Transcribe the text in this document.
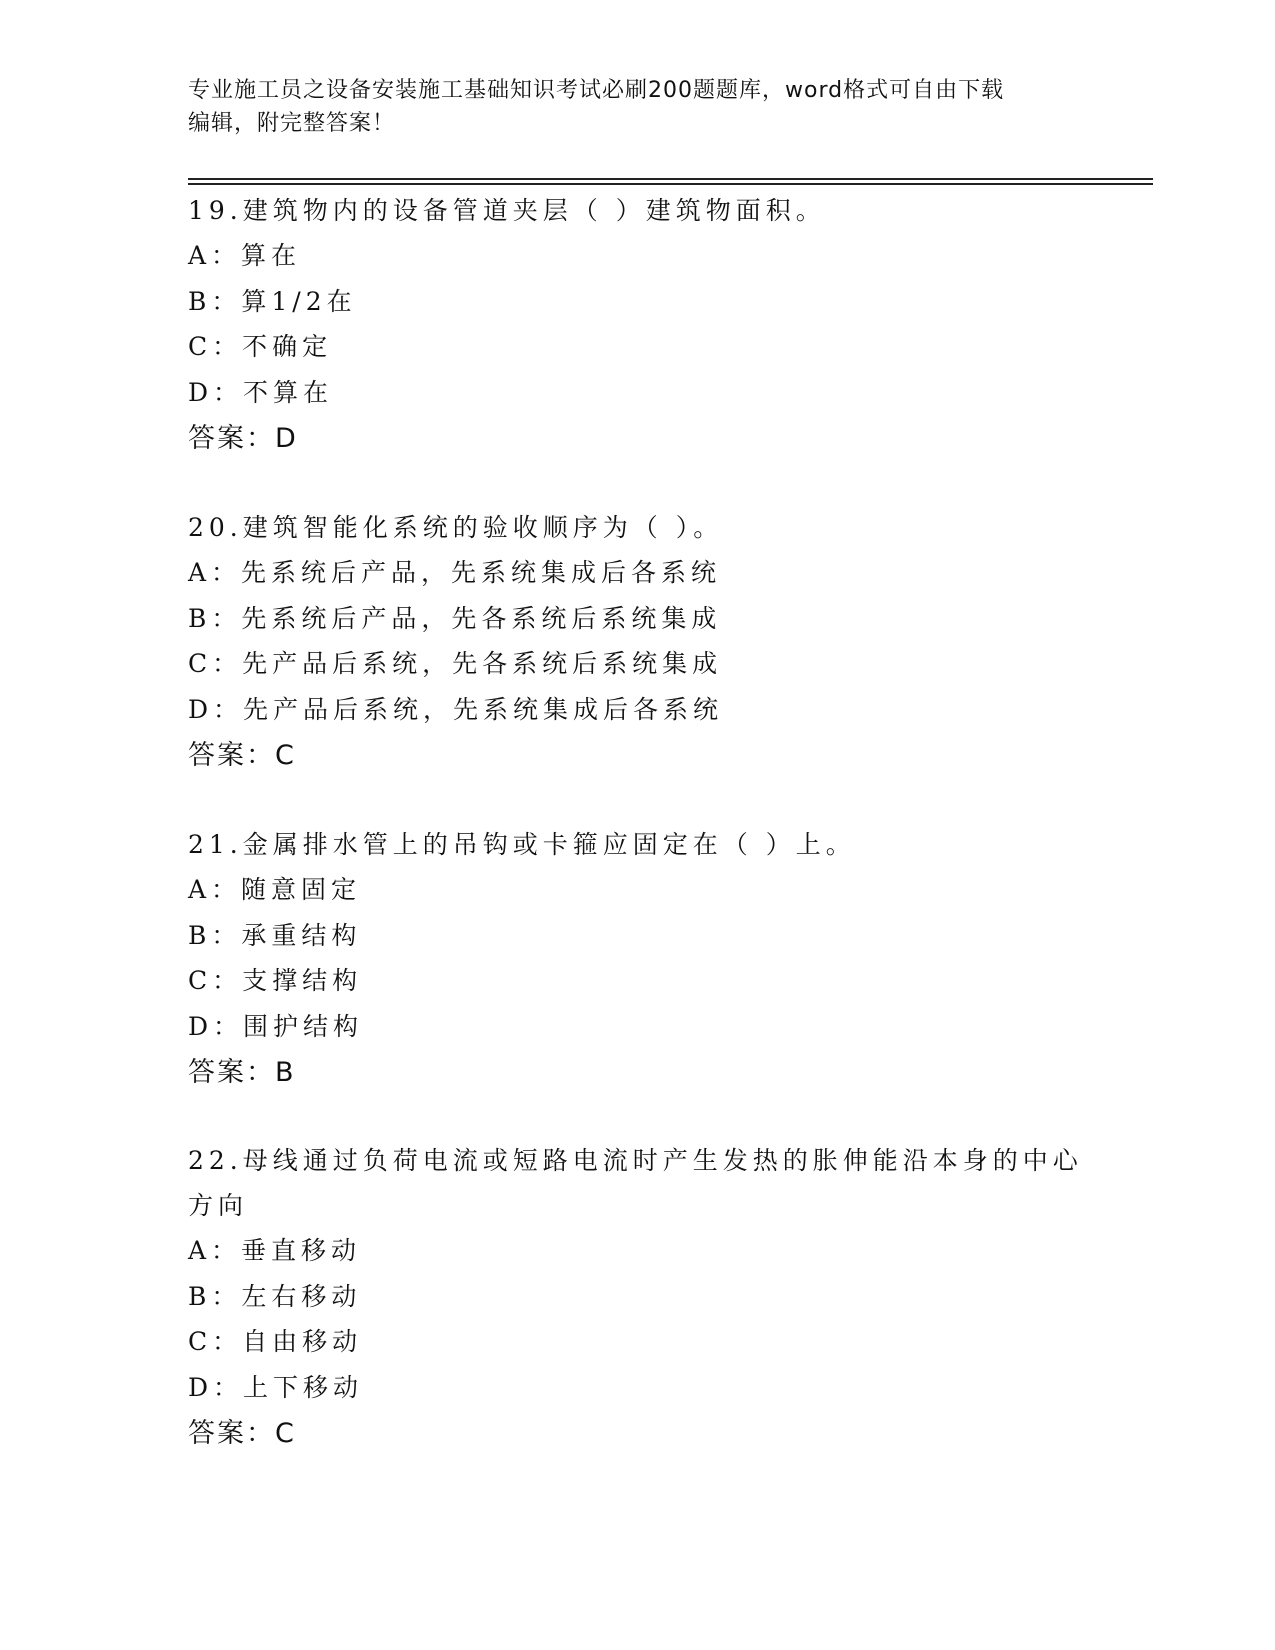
专业施工员之设备安装施工基础知识考试必刷200题题库，word格式可自由下载
编辑，附完整答案！
19.建筑物内的设备管道夹层（ ）建筑物面积。
A：算在
B：算1/2在
C：不确定
D：不算在
答案：D
20.建筑智能化系统的验收顺序为（ ）。
A：先系统后产品，先系统集成后各系统
B：先系统后产品，先各系统后系统集成
C：先产品后系统，先各系统后系统集成
D：先产品后系统，先系统集成后各系统
答案：C
21.金属排水管上的吊钩或卡箍应固定在（ ）上。
A：随意固定
B：承重结构
C：支撑结构
D：围护结构
答案：B
22.母线通过负荷电流或短路电流时产生发热的胀伸能沿本身的中心方向
A：垂直移动
B：左右移动
C：自由移动
D：上下移动
答案：C
